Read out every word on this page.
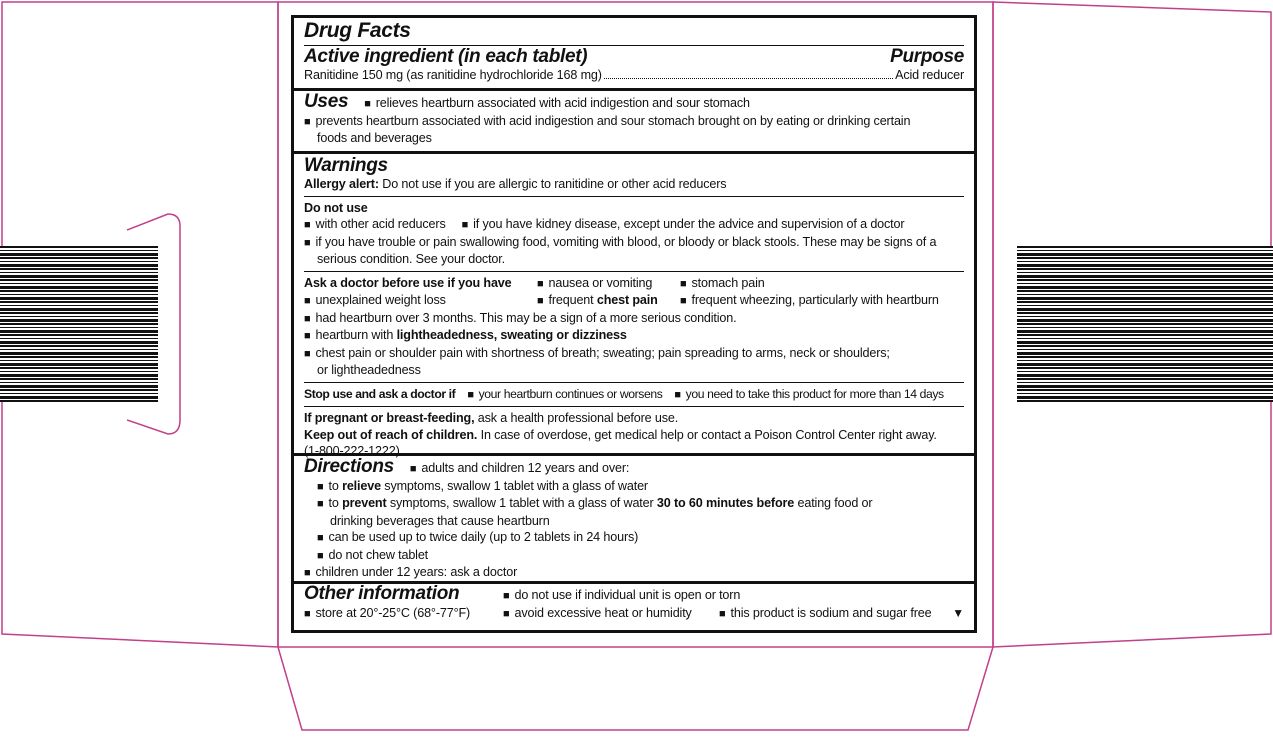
Drug Facts
Active ingredient (in each tablet)	Purpose
Ranitidine 150 mg (as ranitidine hydrochloride 168 mg)	Acid reducer
Uses ■ relieves heartburn associated with acid indigestion and sour stomach
■ prevents heartburn associated with acid indigestion and sour stomach brought on by eating or drinking certain
foods and beverages
Warnings
Allergy alert: Do not use if you are allergic to ranitidine or other acid reducers
Do not use
■ with other acid reducers ■ if you have kidney disease, except under the advice and supervision of a doctor
■ if you have trouble or pain swallowing food, vomiting with blood, or bloody or black stools. These may be signs of a
serious condition. See your doctor.
Ask a doctor before use if you have	■ nausea or vomiting	■ stomach pain
■ unexplained weight loss	■ frequent chest pain	■ frequent wheezing, particularly with heartburn
■ had heartburn over 3 months. This may be a sign of a more serious condition.
■ heartburn with lightheadedness, sweating or dizziness
■ chest pain or shoulder pain with shortness of breath; sweating; pain spreading to arms, neck or shoulders;
or lightheadedness
Stop use and ask a doctor if ■ your heartburn continues or worsens ■ you need to take this product for more than 14 days
If pregnant or breast-feeding, ask a health professional before use.
Keep out of reach of children. In case of overdose, get medical help or contact a Poison Control Center right away.
(1-800-222-1222)
Directions ■ adults and children 12 years and over:
■ to relieve symptoms, swallow 1 tablet with a glass of water
■ to prevent symptoms, swallow 1 tablet with a glass of water 30 to 60 minutes before eating food or
drinking beverages that cause heartburn
■ can be used up to twice daily (up to 2 tablets in 24 hours)
■ do not chew tablet
■ children under 12 years: ask a doctor
Other information	■ do not use if individual unit is open or torn
■ store at 20°-25°C (68°-77°F)	■ avoid excessive heat or humidity	■ this product is sodium and sugar free ▼
